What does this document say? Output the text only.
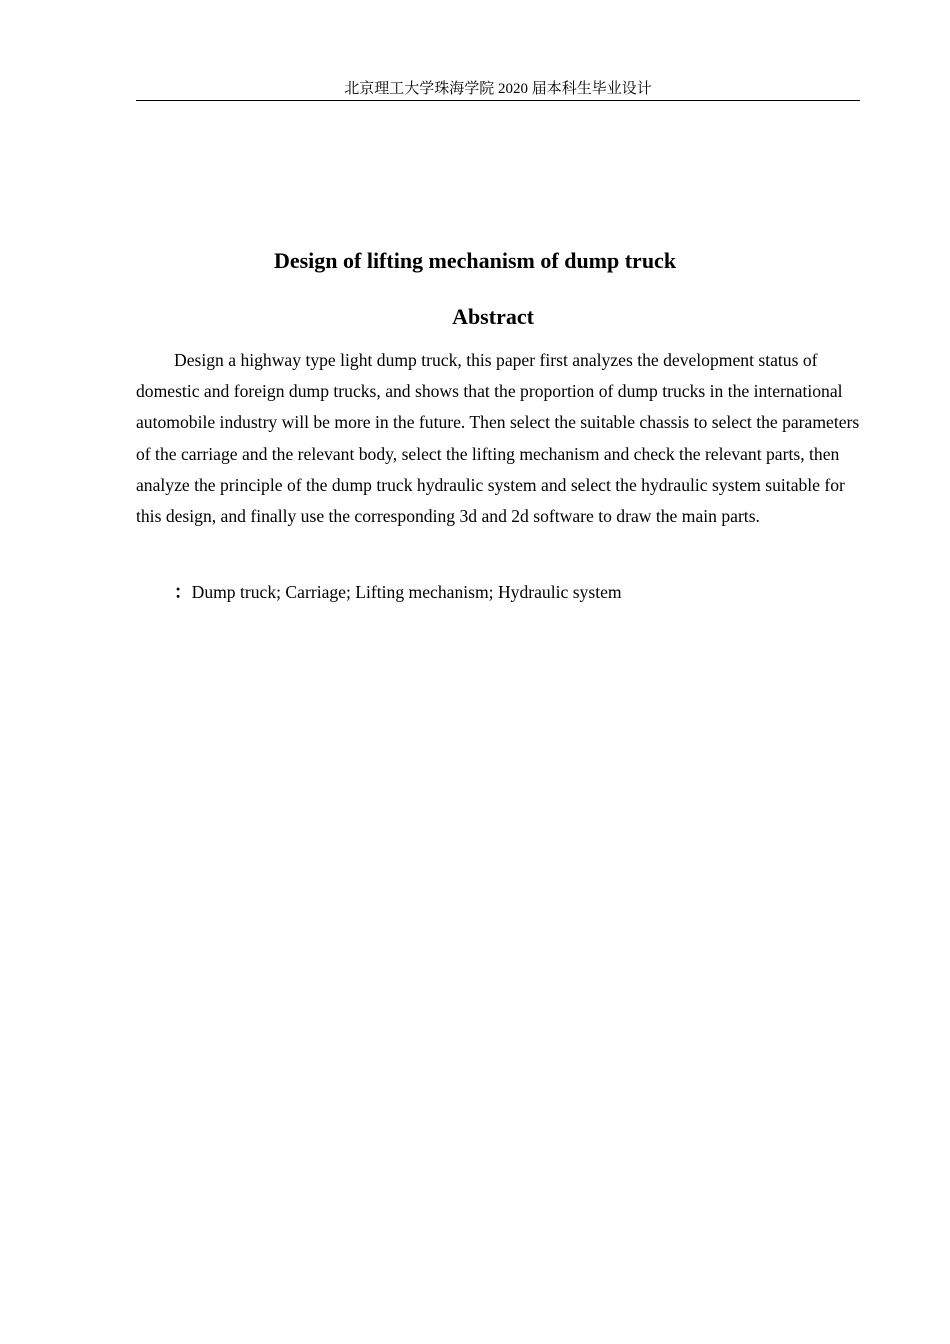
北京理工大学珠海学院 2020 届本科生毕业设计
Design of lifting mechanism of dump truck
Abstract

Design a highway type light dump truck, this paper first analyzes the development status of domestic and foreign dump trucks, and shows that the proportion of dump trucks in the international automobile industry will be more in the future. Then select the suitable chassis to select the parameters of the carriage and the relevant body, select the lifting mechanism and check the relevant parts, then analyze the principle of the dump truck hydraulic system and select the hydraulic system suitable for this design, and finally use the corresponding 3d and 2d software to draw the main parts.

：Dump truck; Carriage; Lifting mechanism; Hydraulic system
